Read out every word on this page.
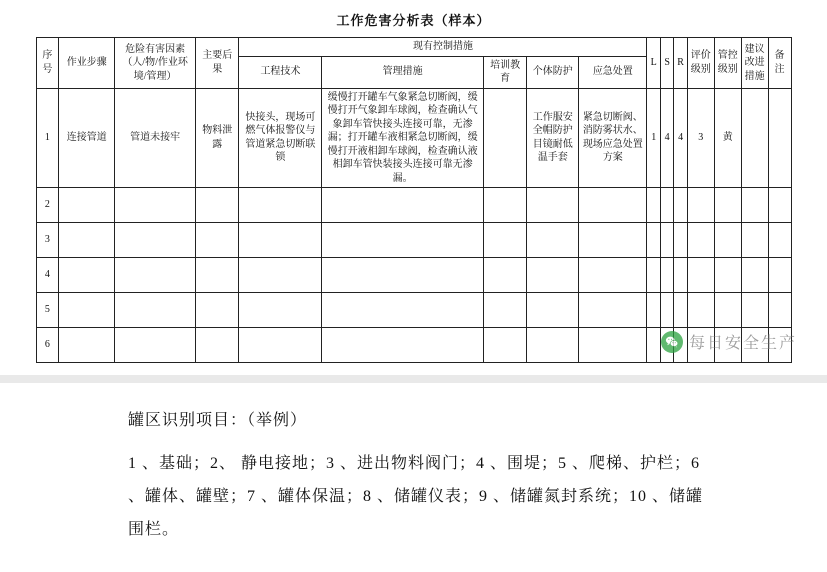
工作危害分析表（样本）
序号	作业步骤	危险有害因素（人/物/作业环境/管理）	主要后果	现有控制措施					L	S	R	评价级别	管控级别	建议改进措施	备注
				工程技术	管理措施	培训教育	个体防护	应急处置							
1	连接管道	管道未接牢	物料泄露	快接头，现场可燃气体报警仪与管道紧急切断联锁	缓慢打开罐车气象紧急切断阀，缓慢打开气象卸车球阀，检查确认气象卸车管快接头连接可靠，无渗漏；打开罐车液相紧急切断阀，缓慢打开液相卸车球阀，检查确认液相卸车管快装接头连接可靠无渗漏。		工作服安全帽防护目镜耐低温手套	紧急切断阀、消防雾状水、现场应急处置方案	1	4	4	3	黄		
2															
3															
4															
5															
6																每日安全生产

罐区识别项目：（举例）

1 、基础；2、 静电接地；3 、进出物料阀门；4 、围堤；5 、爬梯、护栏；6 、罐体、罐壁；7 、罐体保温；8 、储罐仪表；9 、储罐氮封系统；10 、储罐围栏。
